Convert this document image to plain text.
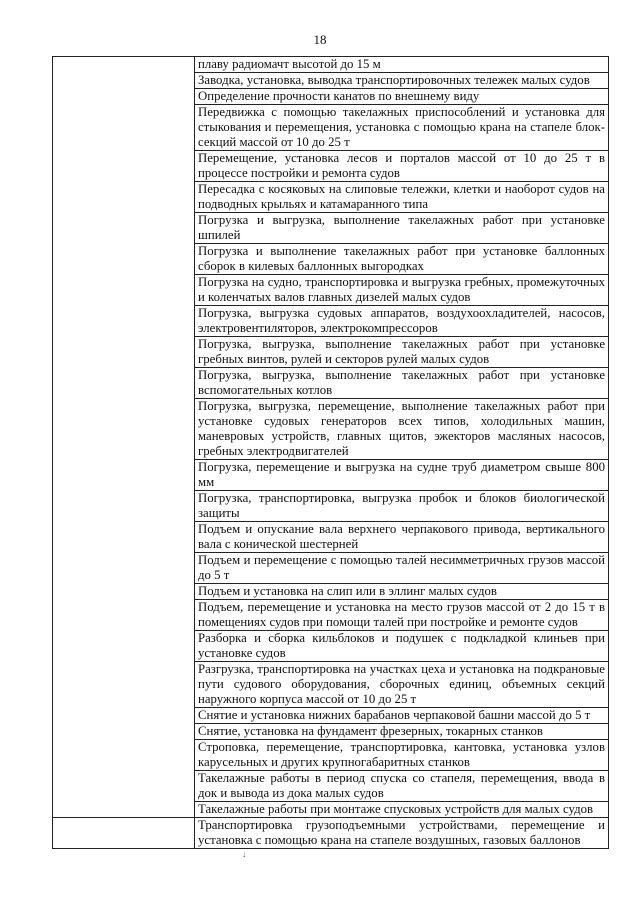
18
	плаву радиомачт высотой до 15 м
	Заводка, установка, выводка транспортировочных тележек малых судов
	Определение прочности канатов по внешнему виду
	Передвижка с помощью такелажных приспособлений и установка для стыкования и перемещения, установка с помощью крана на стапеле блок-секций массой от 10 до 25 т
	Перемещение, установка лесов и порталов массой от 10 до 25 т в процессе постройки и ремонта судов
	Пересадка с косяковых на слиповые тележки, клетки и наоборот судов на подводных крыльях и катамаранного типа
	Погрузка и выгрузка, выполнение такелажных работ при установке шпилей
	Погрузка и выполнение такелажных работ при установке баллонных сборок в килевых баллонных выгородках
	Погрузка на судно, транспортировка и выгрузка гребных, промежуточных и коленчатых валов главных дизелей малых судов
	Погрузка, выгрузка судовых аппаратов, воздухоохладителей, насосов, электровентиляторов, электрокомпрессоров
	Погрузка, выгрузка, выполнение такелажных работ при установке гребных винтов, рулей и секторов рулей малых судов
	Погрузка, выгрузка, выполнение такелажных работ при установке вспомогательных котлов
	Погрузка, выгрузка, перемещение, выполнение такелажных работ при установке судовых генераторов всех типов, холодильных машин, маневровых устройств, главных щитов, эжекторов масляных насосов, гребных электродвигателей
	Погрузка, перемещение и выгрузка на судне труб диаметром свыше 800 мм
	Погрузка, транспортировка, выгрузка пробок и блоков биологической защиты
	Подъем и опускание вала верхнего черпакового привода, вертикального вала с конической шестерней
	Подъем и перемещение с помощью талей несимметричных грузов массой до 5 т
	Подъем и установка на слип или в эллинг малых судов
	Подъем, перемещение и установка на место грузов массой от 2 до 15 т в помещениях судов при помощи талей при постройке и ремонте судов
	Разборка и сборка кильблоков и подушек с подкладкой клиньев при установке судов
	Разгрузка, транспортировка на участках цеха и установка на подкрановые пути судового оборудования, сборочных единиц, объемных секций наружного корпуса массой от 10 до 25 т
	Снятие и установка нижних барабанов черпаковой башни массой до 5 т
	Снятие, установка на фундамент фрезерных, токарных станков
	Строповка, перемещение, транспортировка, кантовка, установка узлов карусельных и других крупногабаритных станков
	Такелажные работы в период спуска со стапеля, перемещения, ввода в док и вывода из дока малых судов
	Такелажные работы при монтаже спусковых устройств для малых судов
	Транспортировка грузоподъемными устройствами, перемещение и установка с помощью крана на стапеле воздушных, газовых баллонов
↓
